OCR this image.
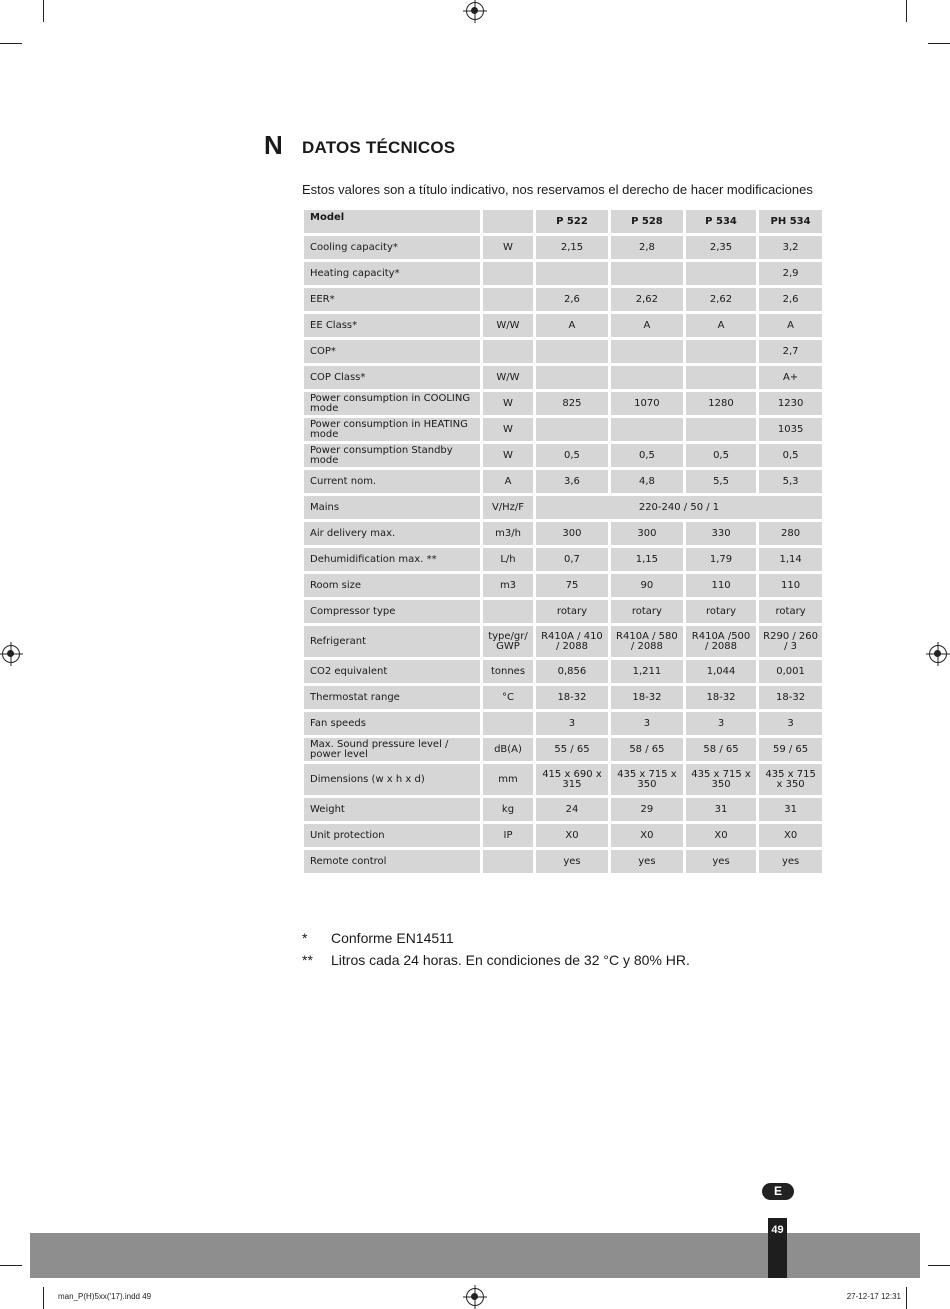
N DATOS TÉCNICOS
Estos valores son a título indicativo, nos reservamos el derecho de hacer modificaciones
Model		P 522	P 528	P 534	PH 534
Cooling capacity*	W	2,15	2,8	2,35	3,2
Heating capacity*					2,9
EER*		2,6	2,62	2,62	2,6
EE Class*	W/W	A	A	A	A
COP*					2,7
COP Class*	W/W				A+
Power consumption in COOLING mode	W	825	1070	1280	1230
Power consumption in HEATING mode	W				1035
Power consumption Standby mode	W	0,5	0,5	0,5	0,5
Current nom.	A	3,6	4,8	5,5	5,3
Mains	V/Hz/F	220-240 / 50 / 1			
Air delivery max.	m3/h	300	300	330	280
Dehumidification max. **	L/h	0,7	1,15	1,79	1,14
Room size	m3	75	90	110	110
Compressor type		rotary	rotary	rotary	rotary
Refrigerant	type/gr/ GWP	R410A / 410 / 2088	R410A / 580 / 2088	R410A /500 / 2088	R290 / 260 / 3
CO2 equivalent	tonnes	0,856	1,211	1,044	0,001
Thermostat range	°C	18-32	18-32	18-32	18-32
Fan speeds		3	3	3	3
Max. Sound pressure level / power level	dB(A)	55 / 65	58 / 65	58 / 65	59 / 65
Dimensions (w x h x d)	mm	415 x 690 x 315	435 x 715 x 350	435 x 715 x 350	435 x 715 x 350
Weight	kg	24	29	31	31
Unit protection	IP	X0	X0	X0	X0
Remote control		yes	yes	yes	yes
*	Conforme EN14511
**	Litros cada 24 horas. En condiciones de 32 °C y 80% HR.
E
49
man_P(H)5xx('17).indd 49	27-12-17 12:31
